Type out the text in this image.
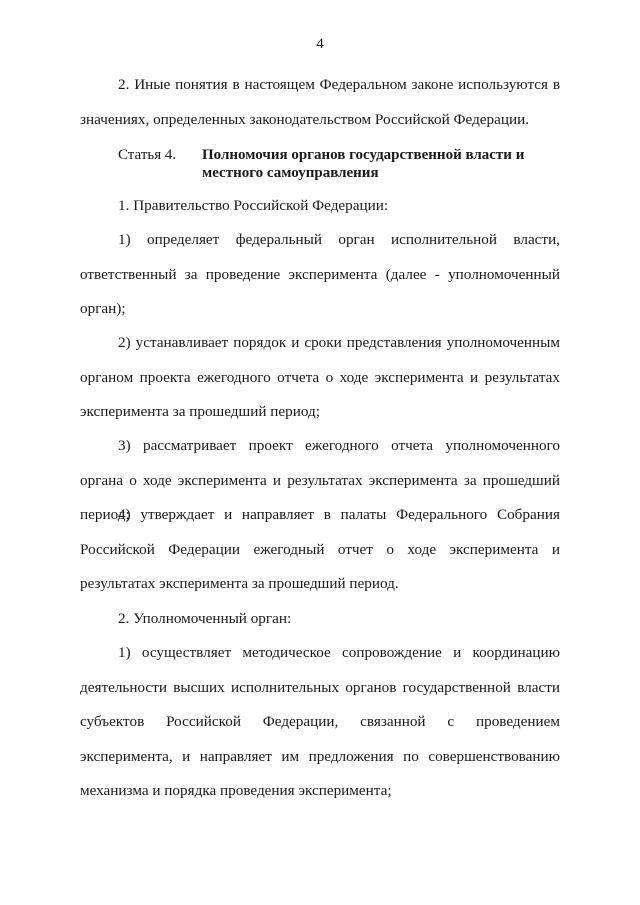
4
2. Иные понятия в настоящем Федеральном законе используются в значениях, определенных законодательством Российской Федерации.
Статья 4. Полномочия органов государственной власти и местного самоуправления
1. Правительство Российской Федерации:
1) определяет федеральный орган исполнительной власти, ответственный за проведение эксперимента (далее - уполномоченный орган);
2) устанавливает порядок и сроки представления уполномоченным органом проекта ежегодного отчета о ходе эксперимента и результатах эксперимента за прошедший период;
3) рассматривает проект ежегодного отчета уполномоченного органа о ходе эксперимента и результатах эксперимента за прошедший период;
4) утверждает и направляет в палаты Федерального Собрания Российской Федерации ежегодный отчет о ходе эксперимента и результатах эксперимента за прошедший период.
2. Уполномоченный орган:
1) осуществляет методическое сопровождение и координацию деятельности высших исполнительных органов государственной власти субъектов Российской Федерации, связанной с проведением эксперимента, и направляет им предложения по совершенствованию механизма и порядка проведения эксперимента;
